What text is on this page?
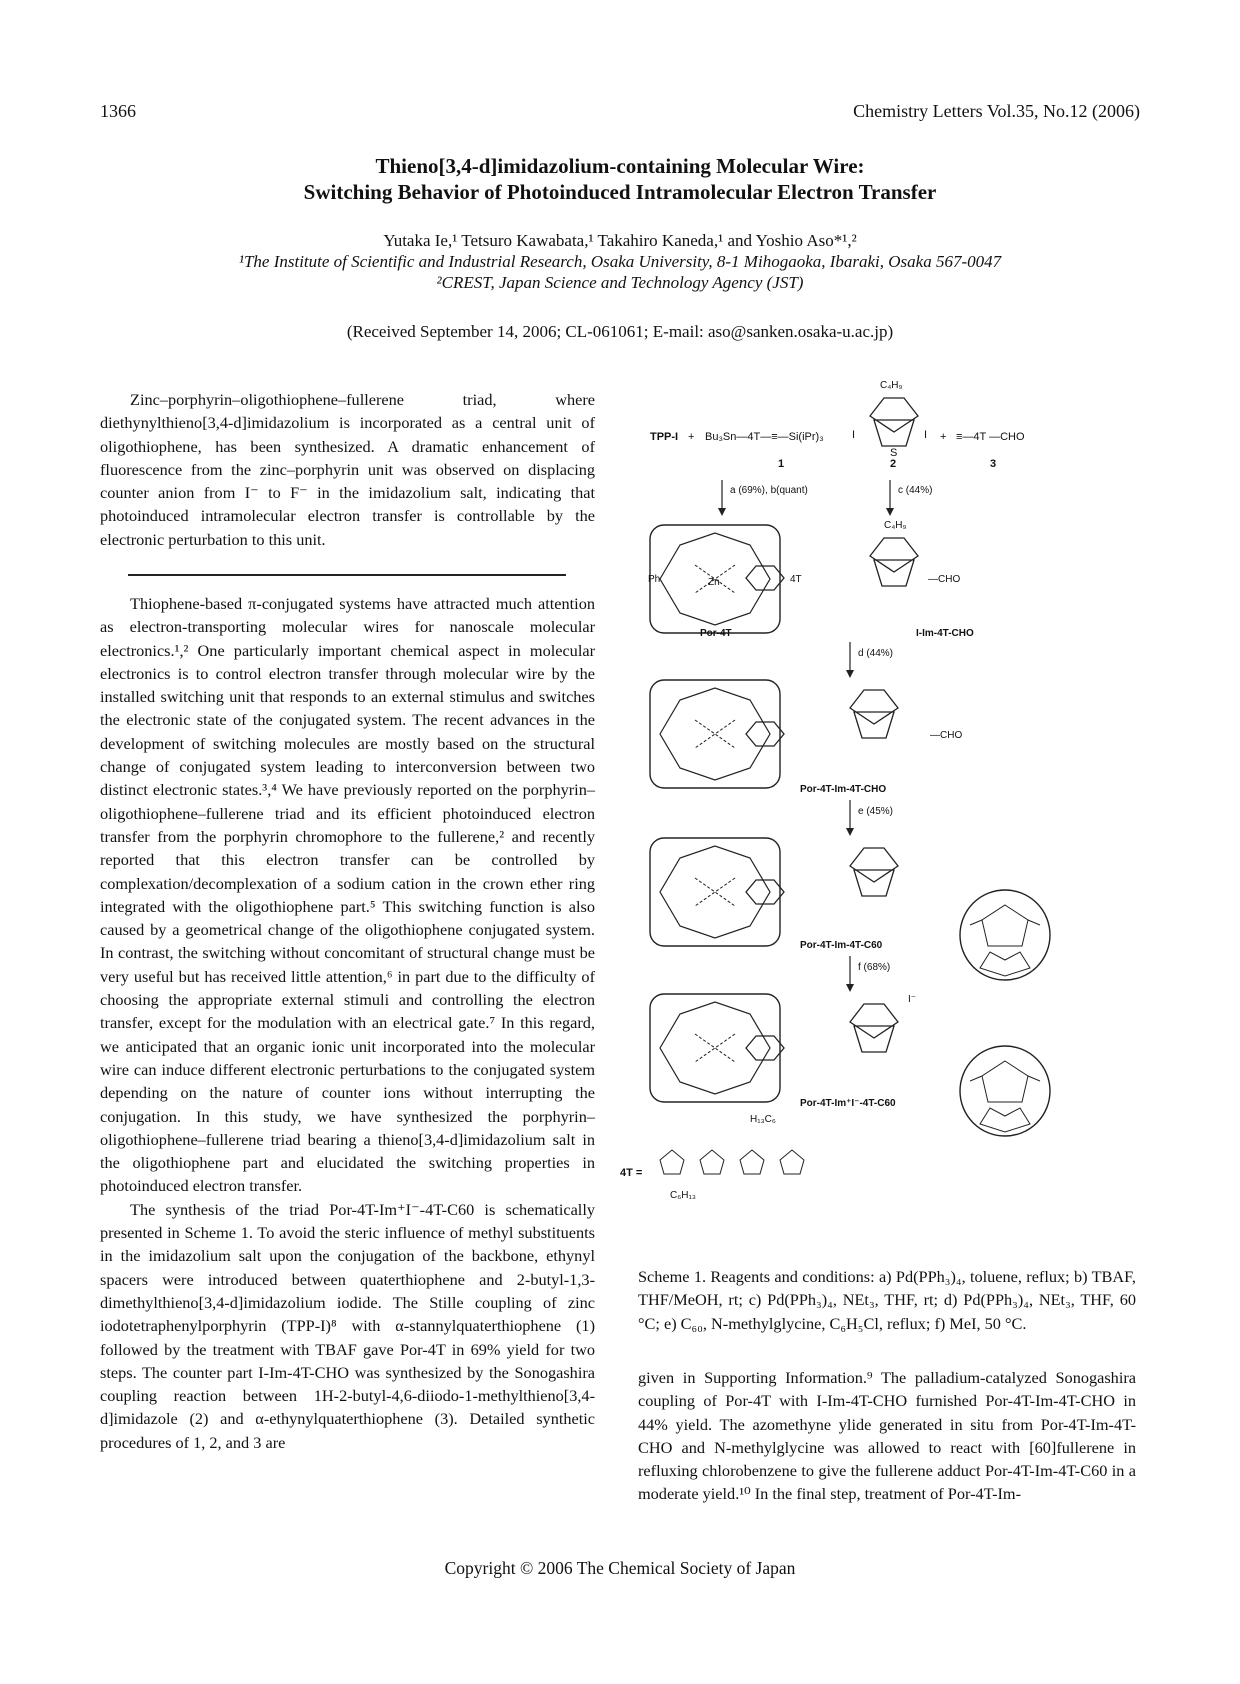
1366	Chemistry Letters Vol.35, No.12 (2006)
Thieno[3,4-d]imidazolium-containing Molecular Wire:
Switching Behavior of Photoinduced Intramolecular Electron Transfer
Yutaka Ie,¹ Tetsuro Kawabata,¹ Takahiro Kaneda,¹ and Yoshio Aso*¹,²
¹The Institute of Scientific and Industrial Research, Osaka University, 8-1 Mihogaoka, Ibaraki, Osaka 567-0047
²CREST, Japan Science and Technology Agency (JST)
(Received September 14, 2006; CL-061061; E-mail: aso@sanken.osaka-u.ac.jp)

Zinc–porphyrin–oligothiophene–fullerene triad, where diethynylthieno[3,4-d]imidazolium is incorporated as a central unit of oligothiophene, has been synthesized. A dramatic enhancement of fluorescence from the zinc–porphyrin unit was observed on displacing counter anion from I⁻ to F⁻ in the imidazolium salt, indicating that photoinduced intramolecular electron transfer is controllable by the electronic perturbation to this unit.

Thiophene-based π-conjugated systems have attracted much attention as electron-transporting molecular wires for nanoscale molecular electronics.¹,² One particularly important chemical aspect in molecular electronics is to control electron transfer through molecular wire by the installed switching unit that responds to an external stimulus and switches the electronic state of the conjugated system. The recent advances in the development of switching molecules are mostly based on the structural change of conjugated system leading to interconversion between two distinct electronic states.³,⁴ We have previously reported on the porphyrin–oligothiophene–fullerene triad and its efficient photoinduced electron transfer from the porphyrin chromophore to the fullerene,² and recently reported that this electron transfer can be controlled by complexation/decomplexation of a sodium cation in the crown ether ring integrated with the oligothiophene part.⁵ This switching function is also caused by a geometrical change of the oligothiophene conjugated system. In contrast, the switching without concomitant of structural change must be very useful but has received little attention,⁶ in part due to the difficulty of choosing the appropriate external stimuli and controlling the electron transfer, except for the modulation with an electrical gate.⁷ In this regard, we anticipated that an organic ionic unit incorporated into the molecular wire can induce different electronic perturbations to the conjugated system depending on the nature of counter ions without interrupting the conjugation. In this study, we have synthesized the porphyrin–oligothiophene–fullerene triad bearing a thieno[3,4-d]imidazolium salt in the oligothiophene part and elucidated the switching properties in photoinduced electron transfer.

The synthesis of the triad Por-4T-Im⁺I⁻-4T-C60 is schematically presented in Scheme 1. To avoid the steric influence of methyl substituents in the imidazolium salt upon the conjugation of the backbone, ethynyl spacers were introduced between quaterthiophene and 2-butyl-1,3-dimethylthieno[3,4-d]imidazolium iodide. The Stille coupling of zinc iodotetraphenylporphyrin (TPP-I)⁸ with α-stannylquaterthiophene (1) followed by the treatment with TBAF gave Por-4T in 69% yield for two steps. The counter part I-Im-4T-CHO was synthesized by the Sonogashira coupling reaction between 1H-2-butyl-4,6-diiodo-1-methylthieno[3,4-d]imidazole (2) and α-ethynylquaterthiophene (3). Detailed synthetic procedures of 1, 2, and 3 are

TPP-I + Bu₃Sn—4T—≡—Si(iPr)₃
1
C₄H₉
I	I
S
2
+ ≡—4T —CHO
3
a (69%), b(quant)	c (44%)
Zn
Ph	4T
Por-4T
C₄H₉
—CHO
I-Im-4T-CHO
d (44%)
—CHO
Por-4T-Im-4T-CHO
e (45%)
Por-4T-Im-4T-C60
f (68%)
I⁻
Por-4T-Im⁺I⁻-4T-C60
4T =
H₁₃C₆
C₆H₁₃
Scheme 1. Reagents and conditions: a) Pd(PPh₃)₄, toluene, reflux; b) TBAF, THF/MeOH, rt; c) Pd(PPh₃)₄, NEt₃, THF, rt; d) Pd(PPh₃)₄, NEt₃, THF, 60 °C; e) C₆₀, N-methylglycine, C₆H₅Cl, reflux; f) MeI, 50 °C.

given in Supporting Information.⁹ The palladium-catalyzed Sonogashira coupling of Por-4T with I-Im-4T-CHO furnished Por-4T-Im-4T-CHO in 44% yield. The azomethyne ylide generated in situ from Por-4T-Im-4T-CHO and N-methylglycine was allowed to react with [60]fullerene in refluxing chlorobenzene to give the fullerene adduct Por-4T-Im-4T-C60 in a moderate yield.¹⁰ In the final step, treatment of Por-4T-Im-

Copyright © 2006 The Chemical Society of Japan
